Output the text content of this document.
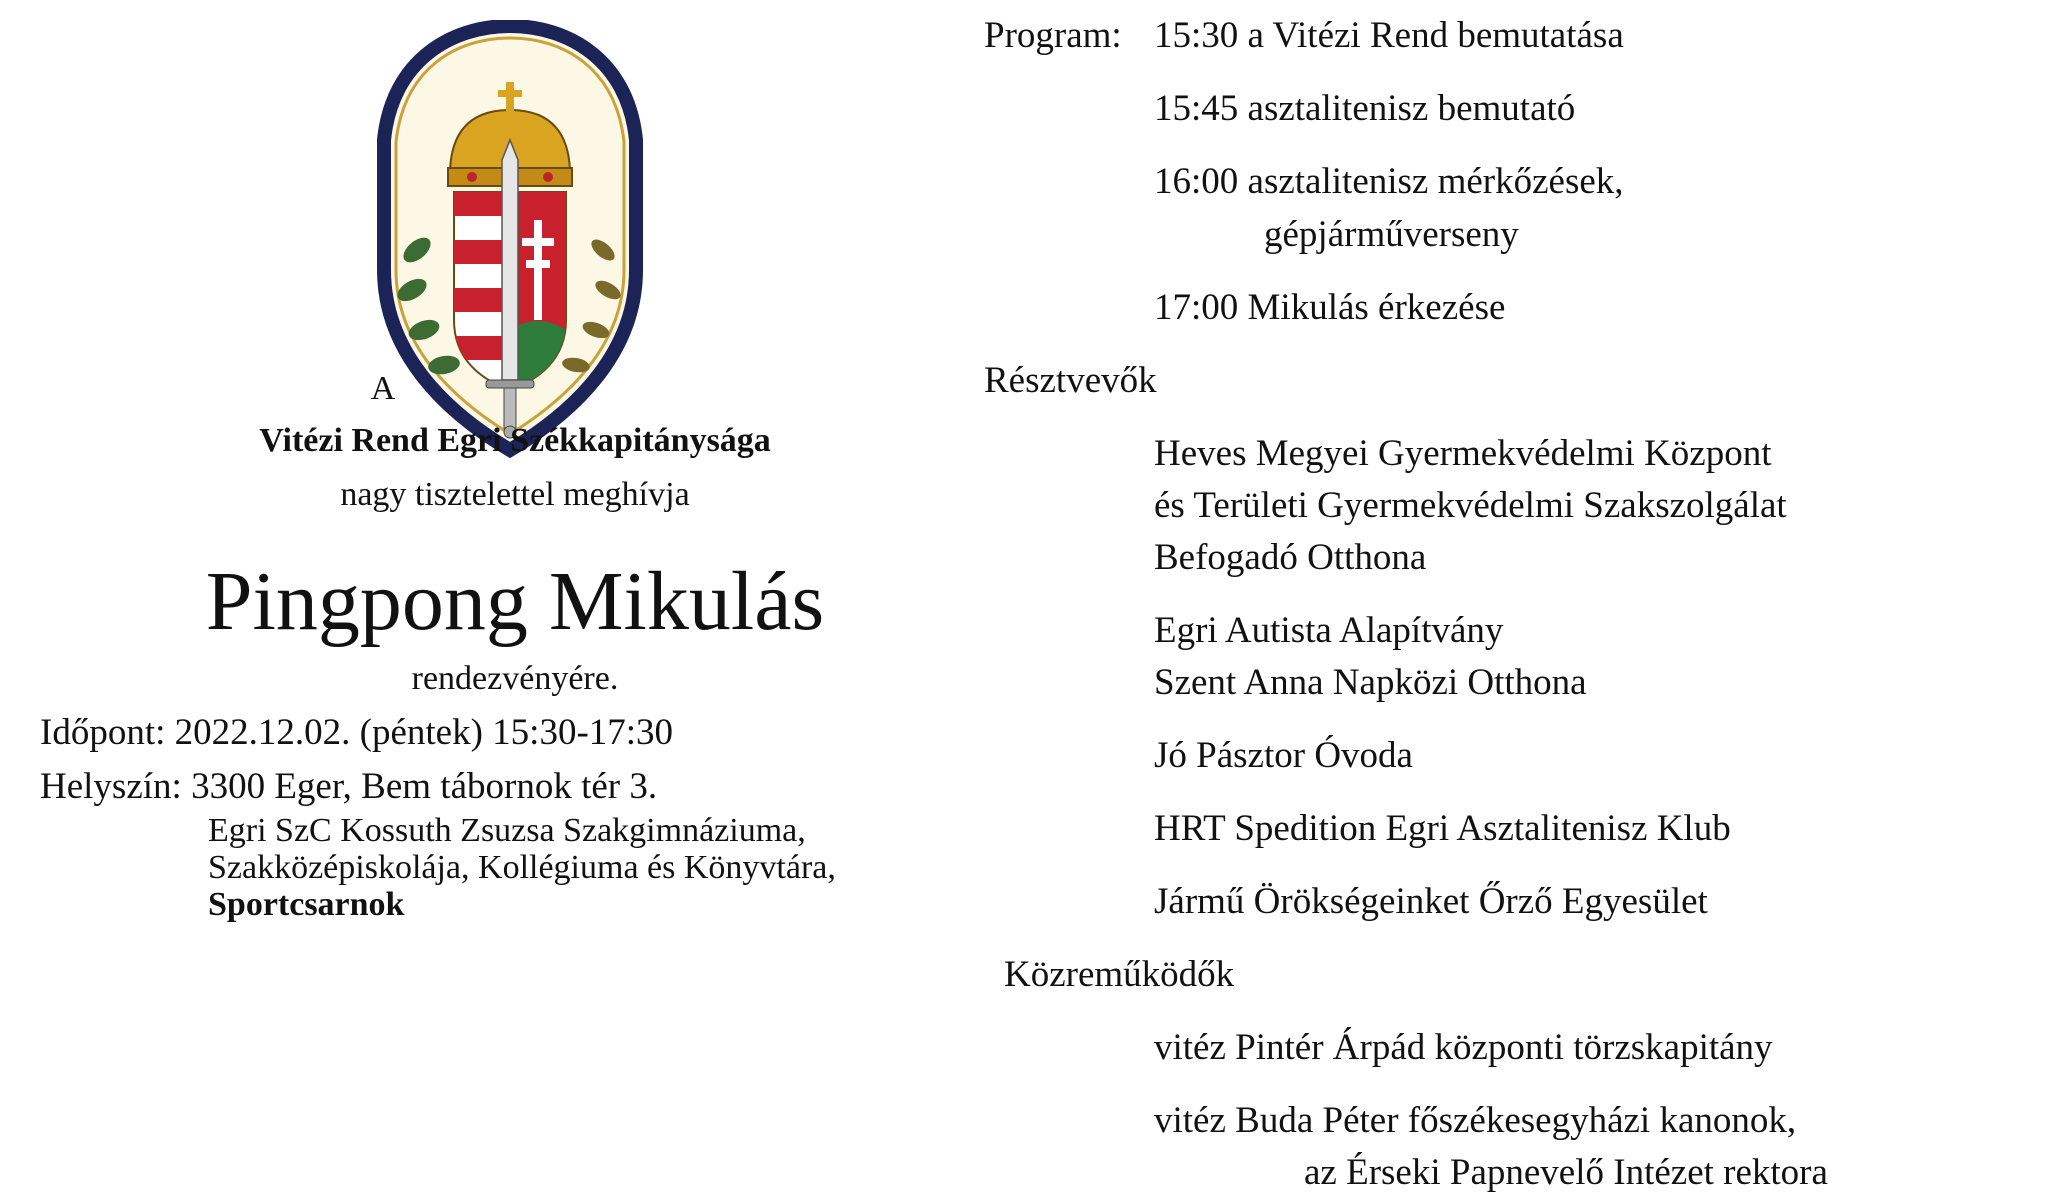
A
Vitézi Rend Egri Székkapitánysága
nagy tisztelettel meghívja
Pingpong Mikulás
rendezvényére.
Időpont: 2022.12.02. (péntek) 15:30-17:30
Helyszín: 3300 Eger, Bem tábornok tér 3.
Egri SzC Kossuth Zsuzsa Szakgimnáziuma,
Szakközépiskolája, Kollégiuma és Könyvtára,
Sportcsarnok
Program: 15:30 a Vitézi Rend bemutatása
15:45 asztalitenisz bemutató
16:00 asztalitenisz mérkőzések,
gépjárműverseny
17:00 Mikulás érkezése
Résztvevők
Heves Megyei Gyermekvédelmi Központ
és Területi Gyermekvédelmi Szakszolgálat
Befogadó Otthona
Egri Autista Alapítvány
Szent Anna Napközi Otthona
Jó Pásztor Óvoda
HRT Spedition Egri Asztalitenisz Klub
Jármű Örökségeinket Őrző Egyesület
Közreműködők
vitéz Pintér Árpád központi törzskapitány
vitéz Buda Péter főszékesegyházi kanonok,
az Érseki Papnevelő Intézet rektora
